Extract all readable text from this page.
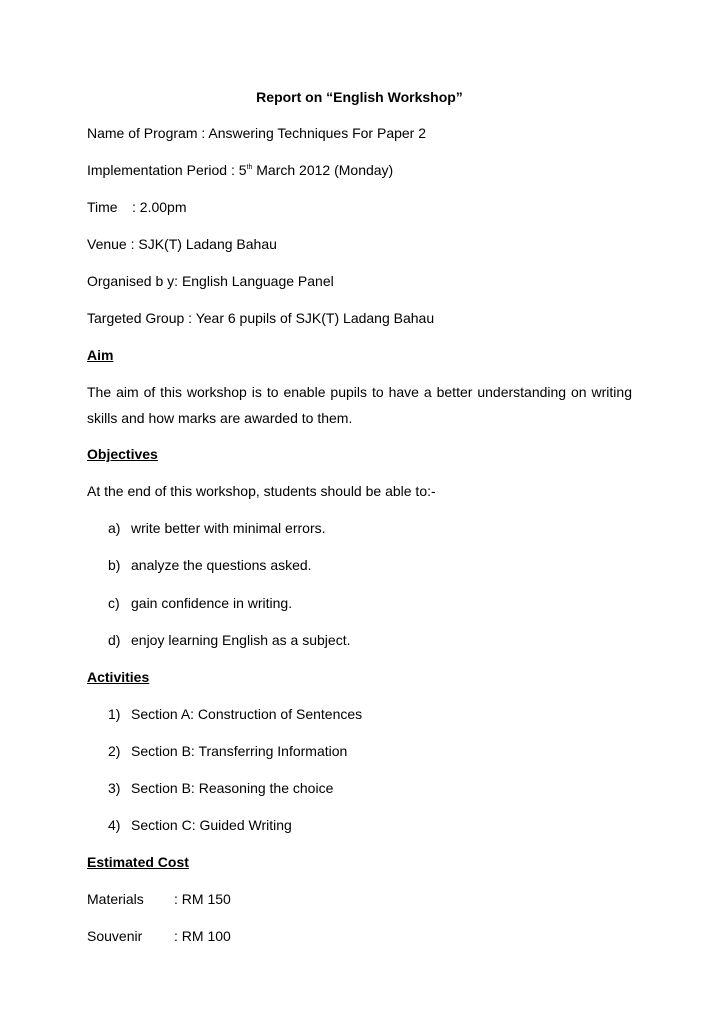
Report on “English Workshop”
Name of Program : Answering Techniques For Paper 2
Implementation Period : 5th March 2012 (Monday)
Time : 2.00pm
Venue : SJK(T) Ladang Bahau
Organised b y: English Language Panel
Targeted Group : Year 6 pupils of SJK(T) Ladang Bahau
Aim
The aim of this workshop is to enable pupils to have a better understanding on writing skills and how marks are awarded to them.
Objectives
At the end of this workshop, students should be able to:-
a) write better with minimal errors.
b) analyze the questions asked.
c) gain confidence in writing.
d) enjoy learning English as a subject.
Activities
1) Section A: Construction of Sentences
2) Section B: Transferring Information
3) Section B: Reasoning the choice
4) Section C: Guided Writing
Estimated Cost
Materials : RM 150
Souvenir : RM 100
